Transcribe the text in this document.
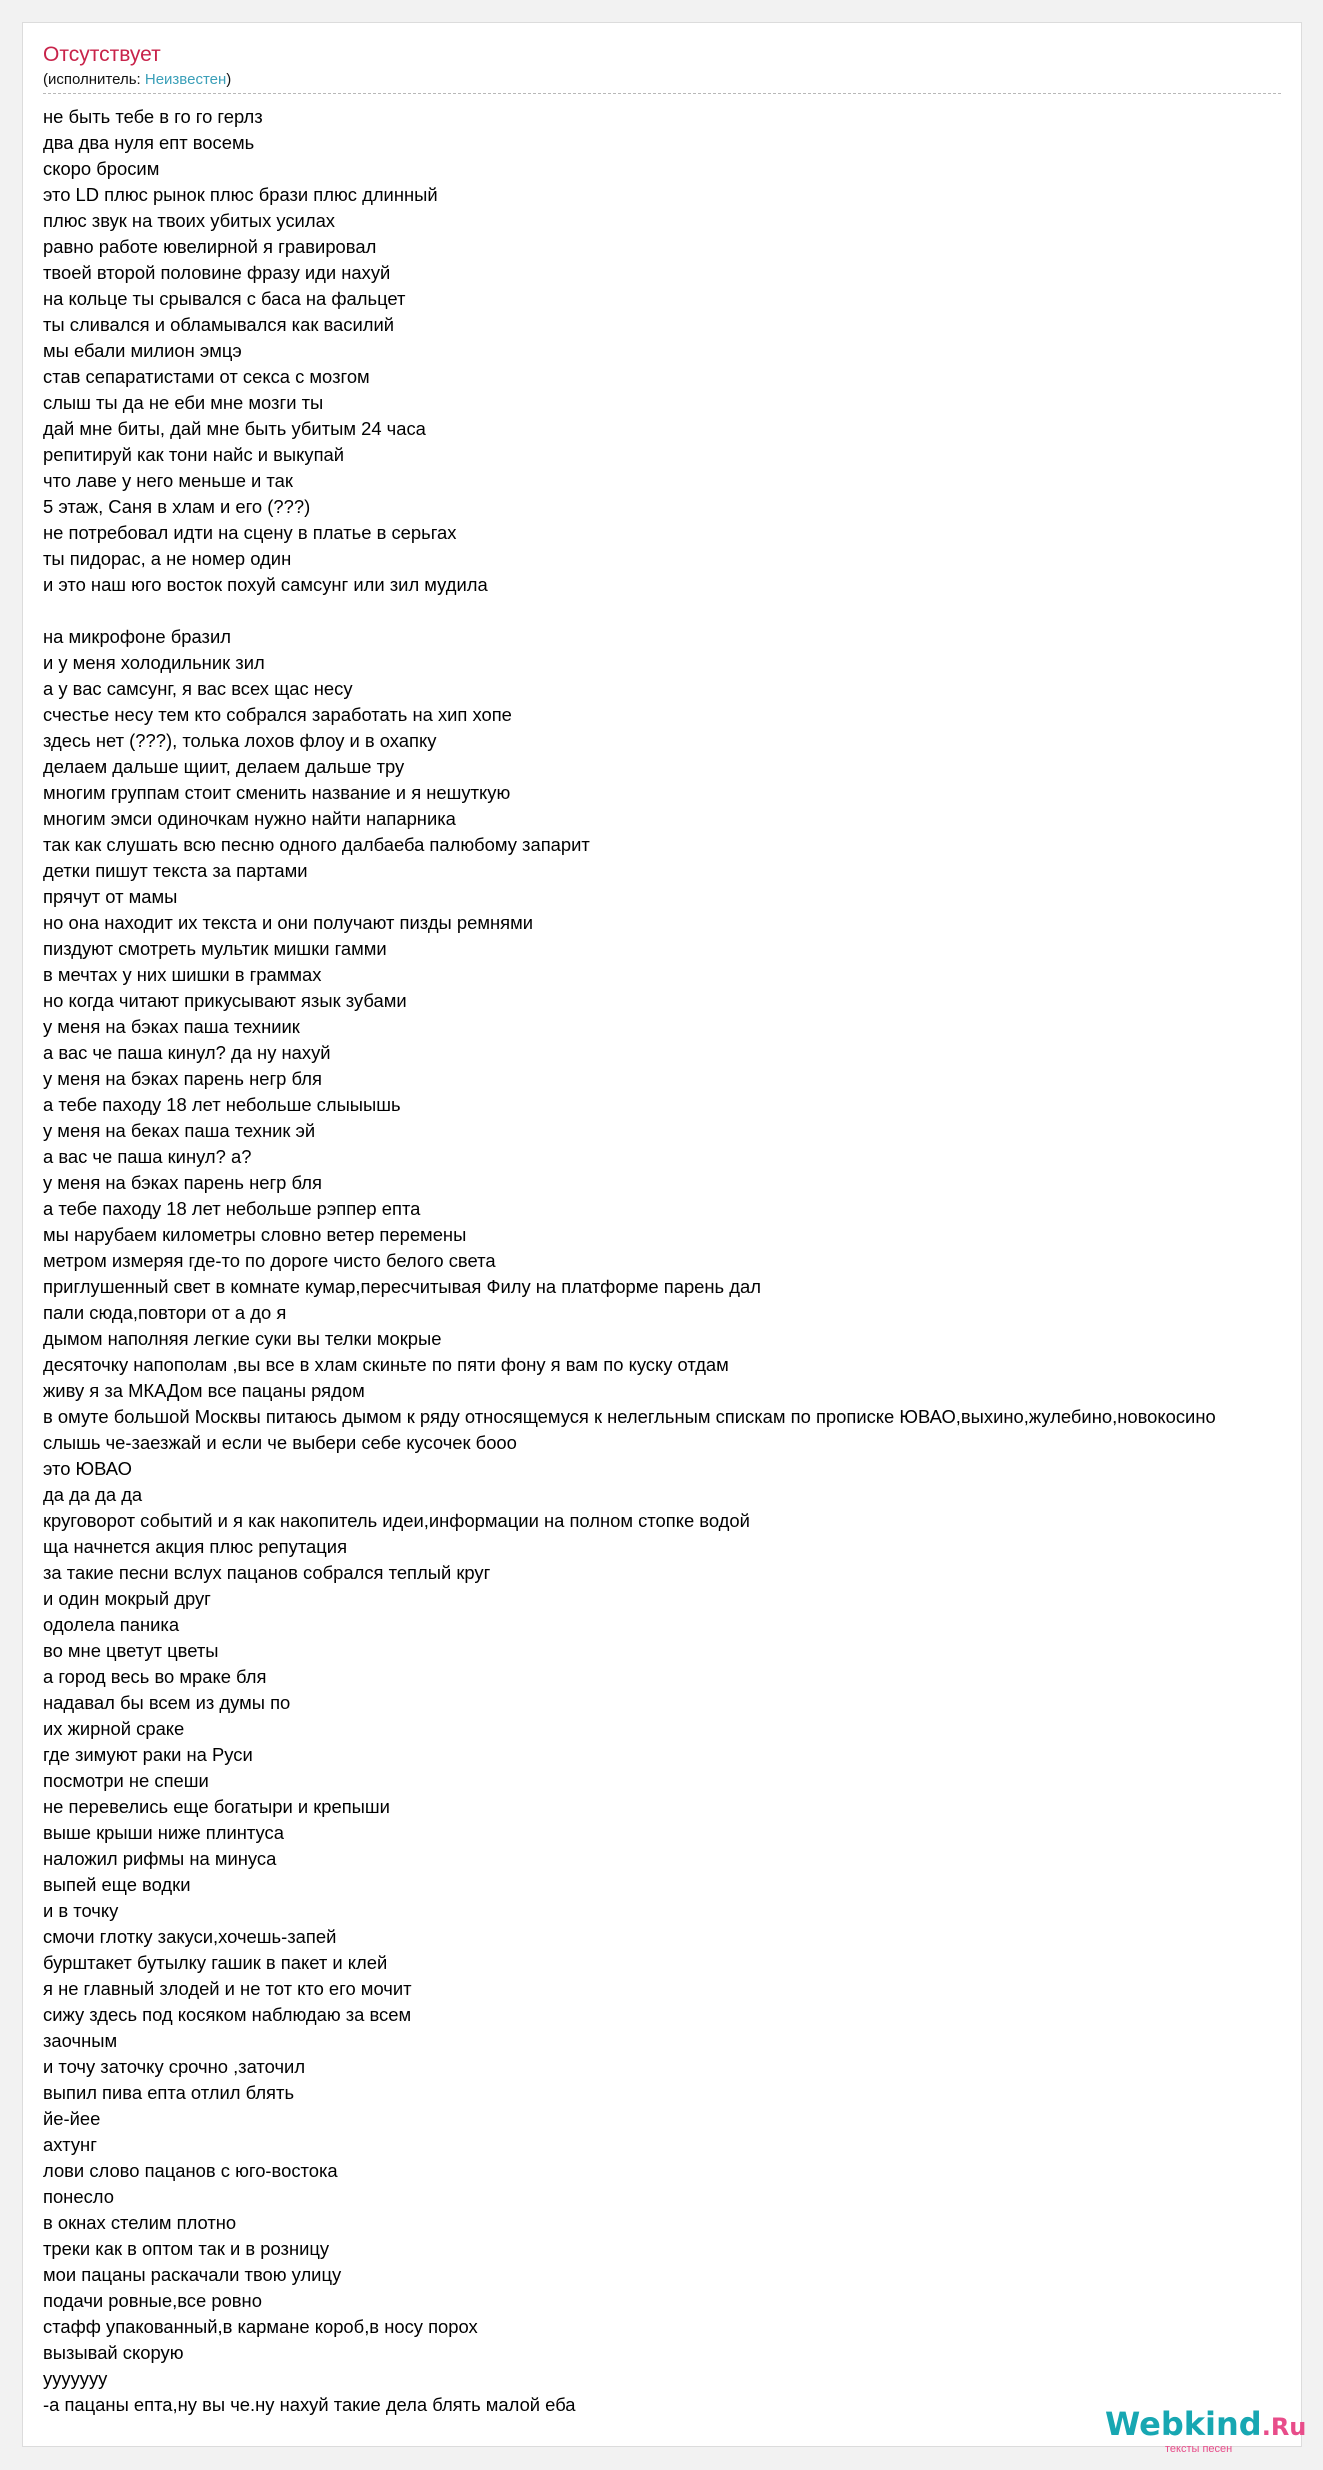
Отсутствует
(исполнитель: Неизвестен)
не быть тебе в го го герлз
два два нуля епт восемь
скоро бросим
это LD плюс рынок плюс брази плюс длинный
плюс звук на твоих убитых усилах
равно работе ювелирной я гравировал
твоей второй половине фразу иди нахуй
на кольце ты срывался с баса на фальцет
ты сливался и обламывался как василий
мы ебали милион эмцэ
став сепаратистами от секса с мозгом
слыш ты да не еби мне мозги ты
дай мне биты, дай мне быть убитым 24 часа
репитируй как тони найс и выкупай
что лаве у него меньше и так
5 этаж, Саня в хлам и его (???)
не потребовал идти на сцену в платье в серьгах
ты пидорас, а не номер один
и это наш юго восток похуй самсунг или зил мудила
на микрофоне бразил
и у меня холодильник зил
а у вас самсунг, я вас всех щас несу
счестье несу тем кто собрался заработать на хип хопе
здесь нет (???), толька лохов флоу и в охапку
делаем дальше щиит, делаем дальше тру
многим группам стоит сменить название и я нешуткую
многим эмси одиночкам нужно найти напарника
так как слушать всю песню одного далбаеба палюбому запарит
детки пишут текста за партами
прячут от мамы
но она находит их текста и они получают пизды ремнями
пиздуют смотреть мультик мишки гамми
в мечтах у них шишки в граммах
но когда читают прикусывают язык зубами
у меня на бэках паша техниик
а вас че паша кинул? да ну нахуй
у меня на бэках парень негр бля
а тебе паходу 18 лет небольше слыыышь
у меня на беках паша техник эй
а вас че паша кинул? а?
у меня на бэках парень негр бля
а тебе паходу 18 лет небольше рэппер епта
мы нарубаем километры словно ветер перемены
метром измеряя где-то по дороге чисто белого света
приглушенный свет в комнате кумар,пересчитывая Филу на платформе парень дал
пали сюда,повтори от а до я
дымом наполняя легкие суки вы телки мокрые
десяточку напополам ,вы все в хлам скиньте по пяти фону я вам по куску отдам
живу я за МКАДом все пацаны рядом
в омуте большой Москвы питаюсь дымом к ряду относящемуся к нелегльным спискам по прописке ЮВАО,выхино,жулебино,новокосино
слышь че-заезжай и если че выбери себе кусочек бооо
это ЮВАО
да да да да
круговорот событий и я как накопитель идеи,информации на полном стопке водой
ща начнется акция плюс репутация
за такие песни вслух пацанов собрался теплый круг
и один мокрый друг
одолела паника
во мне цветут цветы
а город весь во мраке бля
надавал бы всем из думы по
их жирной сраке
где зимуют раки на Руси
посмотри не спеши
не перевелись еще богатыри и крепыши
выше крыши ниже плинтуса
наложил рифмы на минуса
выпей еще водки
и в точку
смочи глотку закуси,хочешь-запей
бурштакет бутылку гашик в пакет и клей
я не главный злодей и не тот кто его мочит
сижу здесь под косяком наблюдаю за всем
заочным
и точу заточку срочно ,заточил
выпил пива епта отлил блять
йе-йее
ахтунг
лови слово пацанов с юго-востока
понесло
в окнах стелим плотно
треки как в оптом так и в розницу
мои пацаны раскачали твою улицу
подачи ровные,все ровно
стафф упакованный,в кармане короб,в носу порох
вызывай скорую
ууууууу
-а пацаны епта,ну вы че.ну нахуй такие дела блять малой еба
Webkind.Ru
тексты песен
